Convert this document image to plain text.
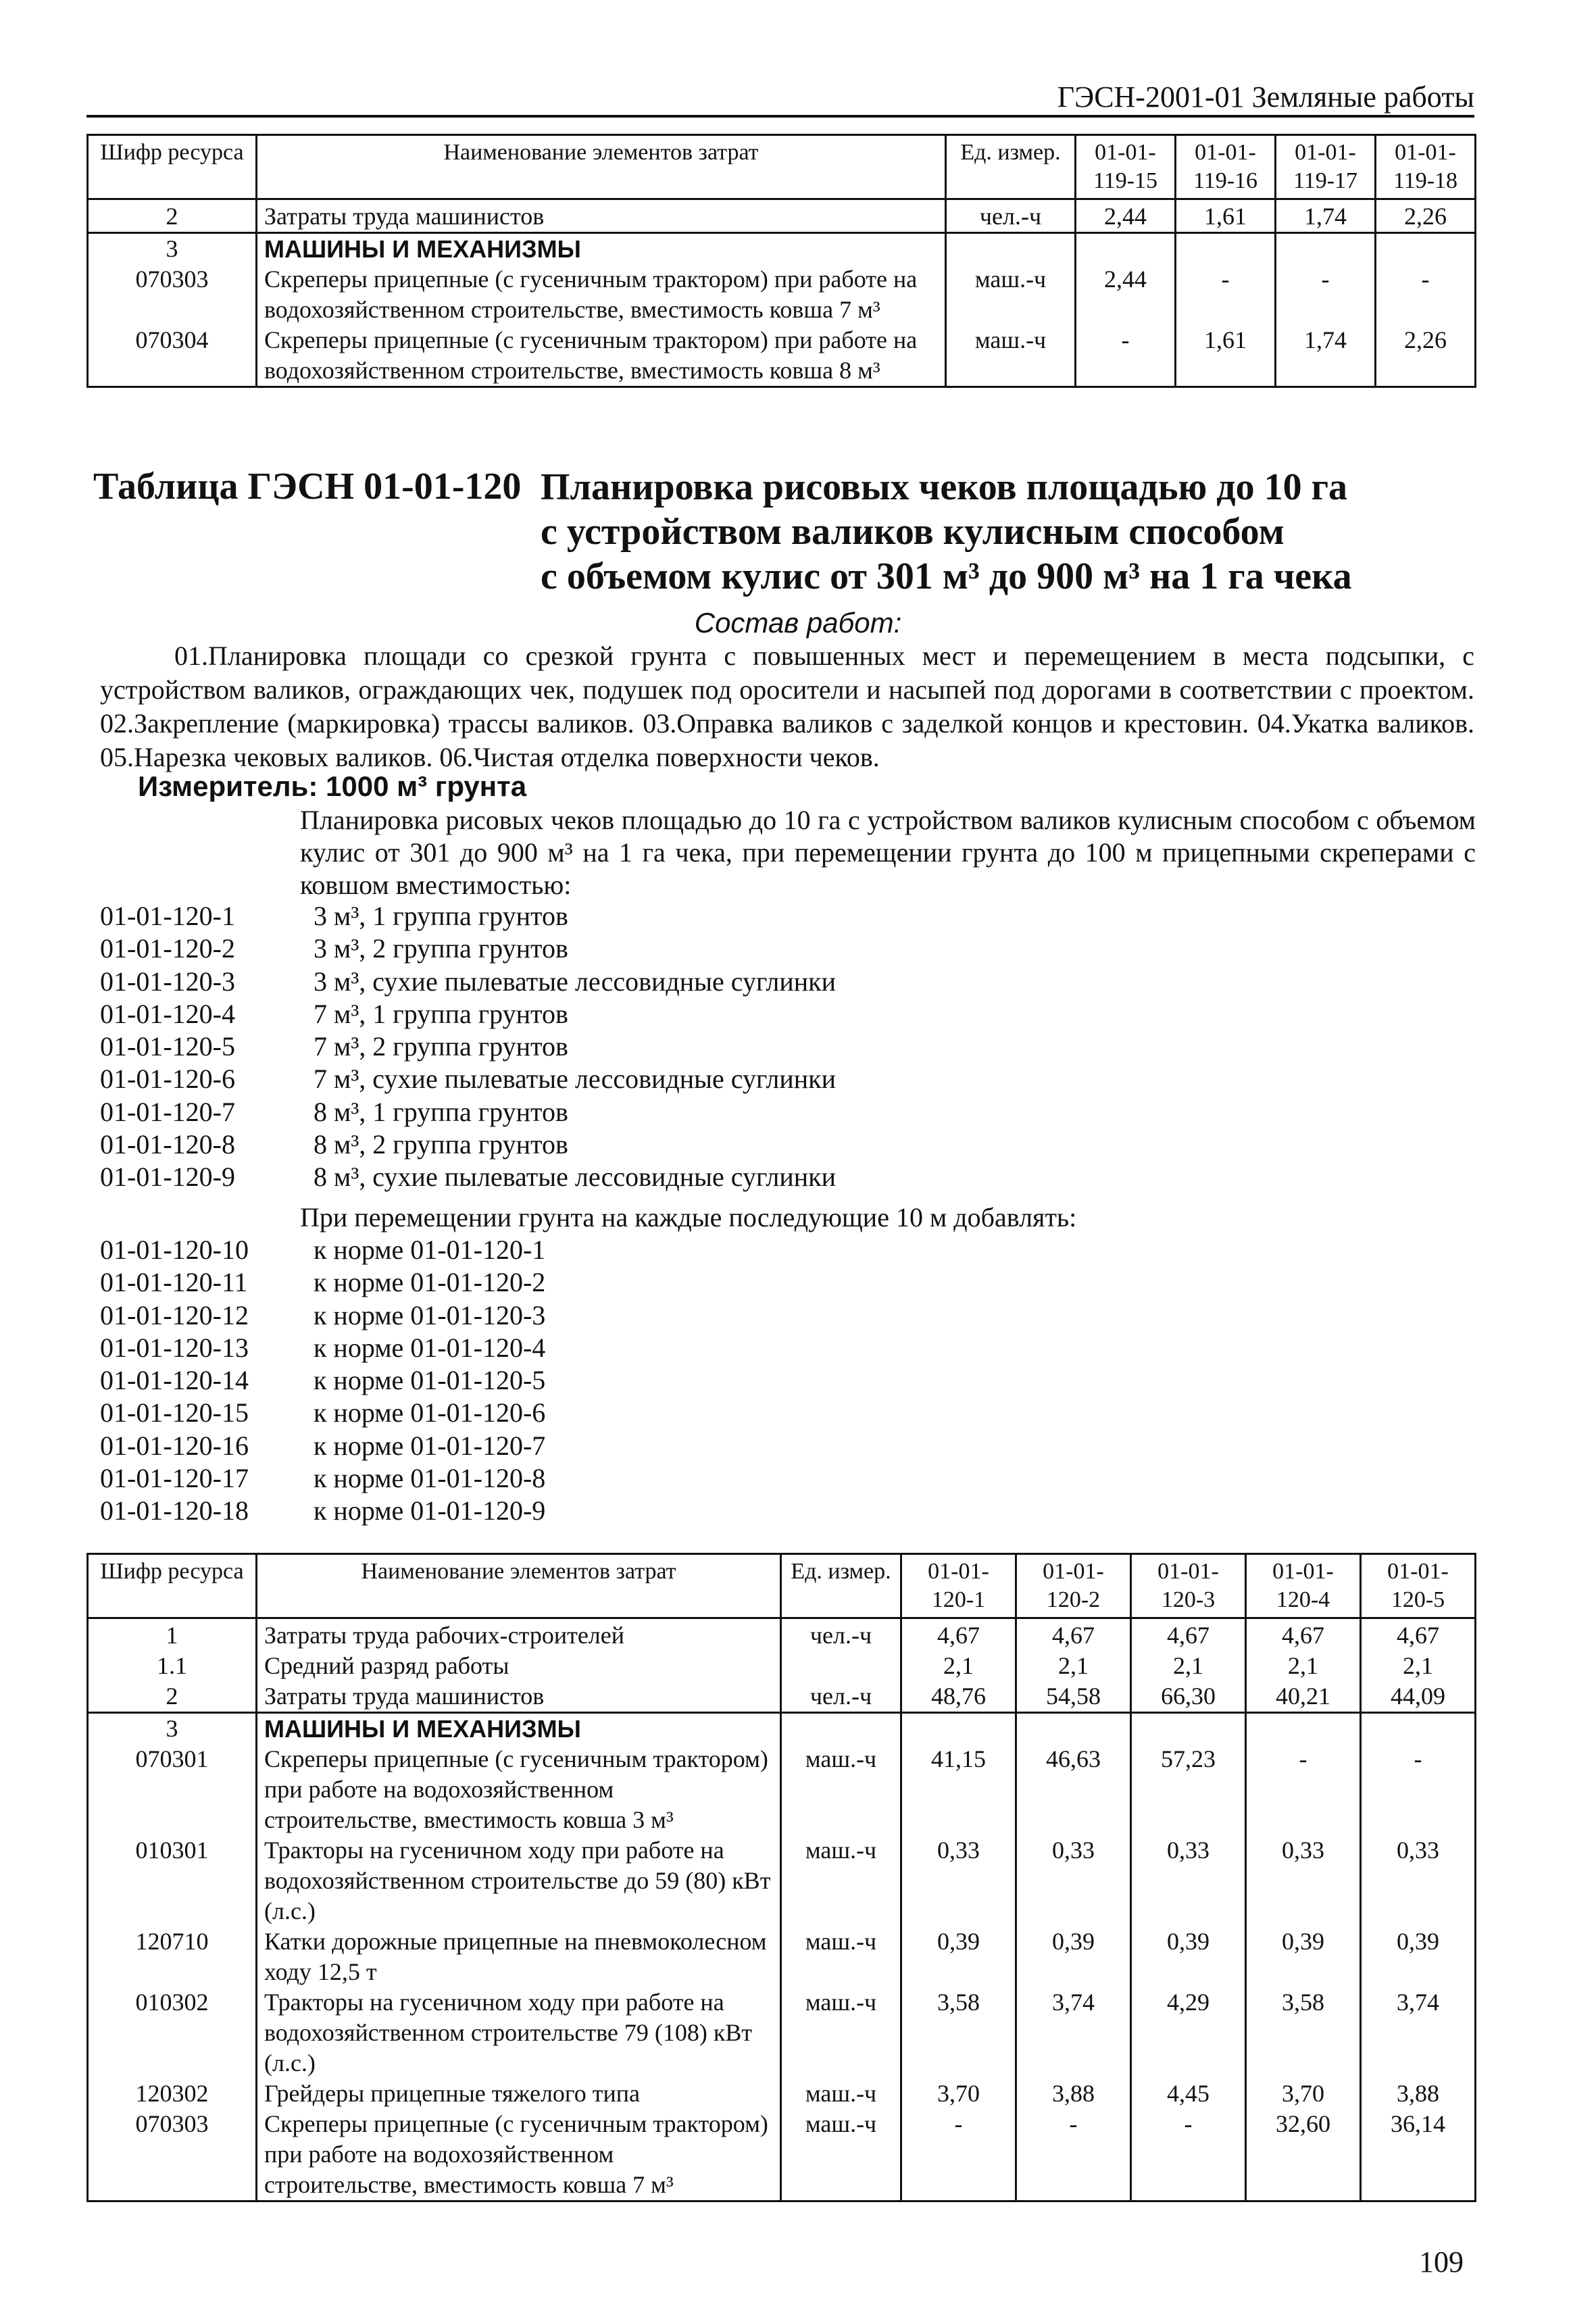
ГЭСН-2001-01 Земляные работы
Шифр ресурса	Наименование элементов затрат	Ед. измер.	01-01-119-15	01-01-119-16	01-01-119-17	01-01-119-18
2	Затраты труда машинистов	чел.-ч	2,44	1,61	1,74	2,26
3	МАШИНЫ И МЕХАНИЗМЫ					
070303	Скреперы прицепные (с гусеничным трактором) при работе на водохозяйственном строительстве, вместимость ковша 7 м³	маш.-ч	2,44	-	-	-
070304	Скреперы прицепные (с гусеничным трактором) при работе на водохозяйственном строительстве, вместимость ковша 8 м³	маш.-ч	-	1,61	1,74	2,26
Таблица ГЭСН 01-01-120 Планировка рисовых чеков площадью до 10 га
с устройством валиков кулисным способом
с объемом кулис от 301 м³ до 900 м³ на 1 га чека
Состав работ:
01.Планировка площади со срезкой грунта с повышенных мест и перемещением в места подсыпки, с устройством валиков, ограждающих чек, подушек под оросители и насыпей под дорогами в соответствии с проектом. 02.Закрепление (маркировка) трассы валиков. 03.Оправка валиков с заделкой концов и крестовин. 04.Укатка валиков. 05.Нарезка чековых валиков. 06.Чистая отделка поверхности чеков.
Измеритель: 1000 м³ грунта
Планировка рисовых чеков площадью до 10 га с устройством валиков кулисным способом с объемом кулис от 301 до 900 м³ на 1 га чека, при перемещении грунта до 100 м прицепными скреперами с ковшом вместимостью:
01-01-120-1	3 м³, 1 группа грунтов
01-01-120-2	3 м³, 2 группа грунтов
01-01-120-3	3 м³, сухие пылеватые лессовидные суглинки
01-01-120-4	7 м³, 1 группа грунтов
01-01-120-5	7 м³, 2 группа грунтов
01-01-120-6	7 м³, сухие пылеватые лессовидные суглинки
01-01-120-7	8 м³, 1 группа грунтов
01-01-120-8	8 м³, 2 группа грунтов
01-01-120-9	8 м³, сухие пылеватые лессовидные суглинки
При перемещении грунта на каждые последующие 10 м добавлять:
01-01-120-10	к норме 01-01-120-1
01-01-120-11	к норме 01-01-120-2
01-01-120-12	к норме 01-01-120-3
01-01-120-13	к норме 01-01-120-4
01-01-120-14	к норме 01-01-120-5
01-01-120-15	к норме 01-01-120-6
01-01-120-16	к норме 01-01-120-7
01-01-120-17	к норме 01-01-120-8
01-01-120-18	к норме 01-01-120-9
Шифр ресурса	Наименование элементов затрат	Ед. измер.	01-01-120-1	01-01-120-2	01-01-120-3	01-01-120-4	01-01-120-5
1	Затраты труда рабочих-строителей	чел.-ч	4,67	4,67	4,67	4,67	4,67
1.1	Средний разряд работы		2,1	2,1	2,1	2,1	2,1
2	Затраты труда машинистов	чел.-ч	48,76	54,58	66,30	40,21	44,09
3	МАШИНЫ И МЕХАНИЗМЫ						
070301	Скреперы прицепные (с гусеничным трактором) при работе на водохозяйственном строительстве, вместимость ковша 3 м³	маш.-ч	41,15	46,63	57,23	-	-
010301	Тракторы на гусеничном ходу при работе на водохозяйственном строительстве до 59 (80) кВт (л.с.)	маш.-ч	0,33	0,33	0,33	0,33	0,33
120710	Катки дорожные прицепные на пневмоколесном ходу 12,5 т	маш.-ч	0,39	0,39	0,39	0,39	0,39
010302	Тракторы на гусеничном ходу при работе на водохозяйственном строительстве 79 (108) кВт (л.с.)	маш.-ч	3,58	3,74	4,29	3,58	3,74
120302	Грейдеры прицепные тяжелого типа	маш.-ч	3,70	3,88	4,45	3,70	3,88
070303	Скреперы прицепные (с гусеничным трактором) при работе на водохозяйственном строительстве, вместимость ковша 7 м³	маш.-ч	-	-	-	32,60	36,14
109
